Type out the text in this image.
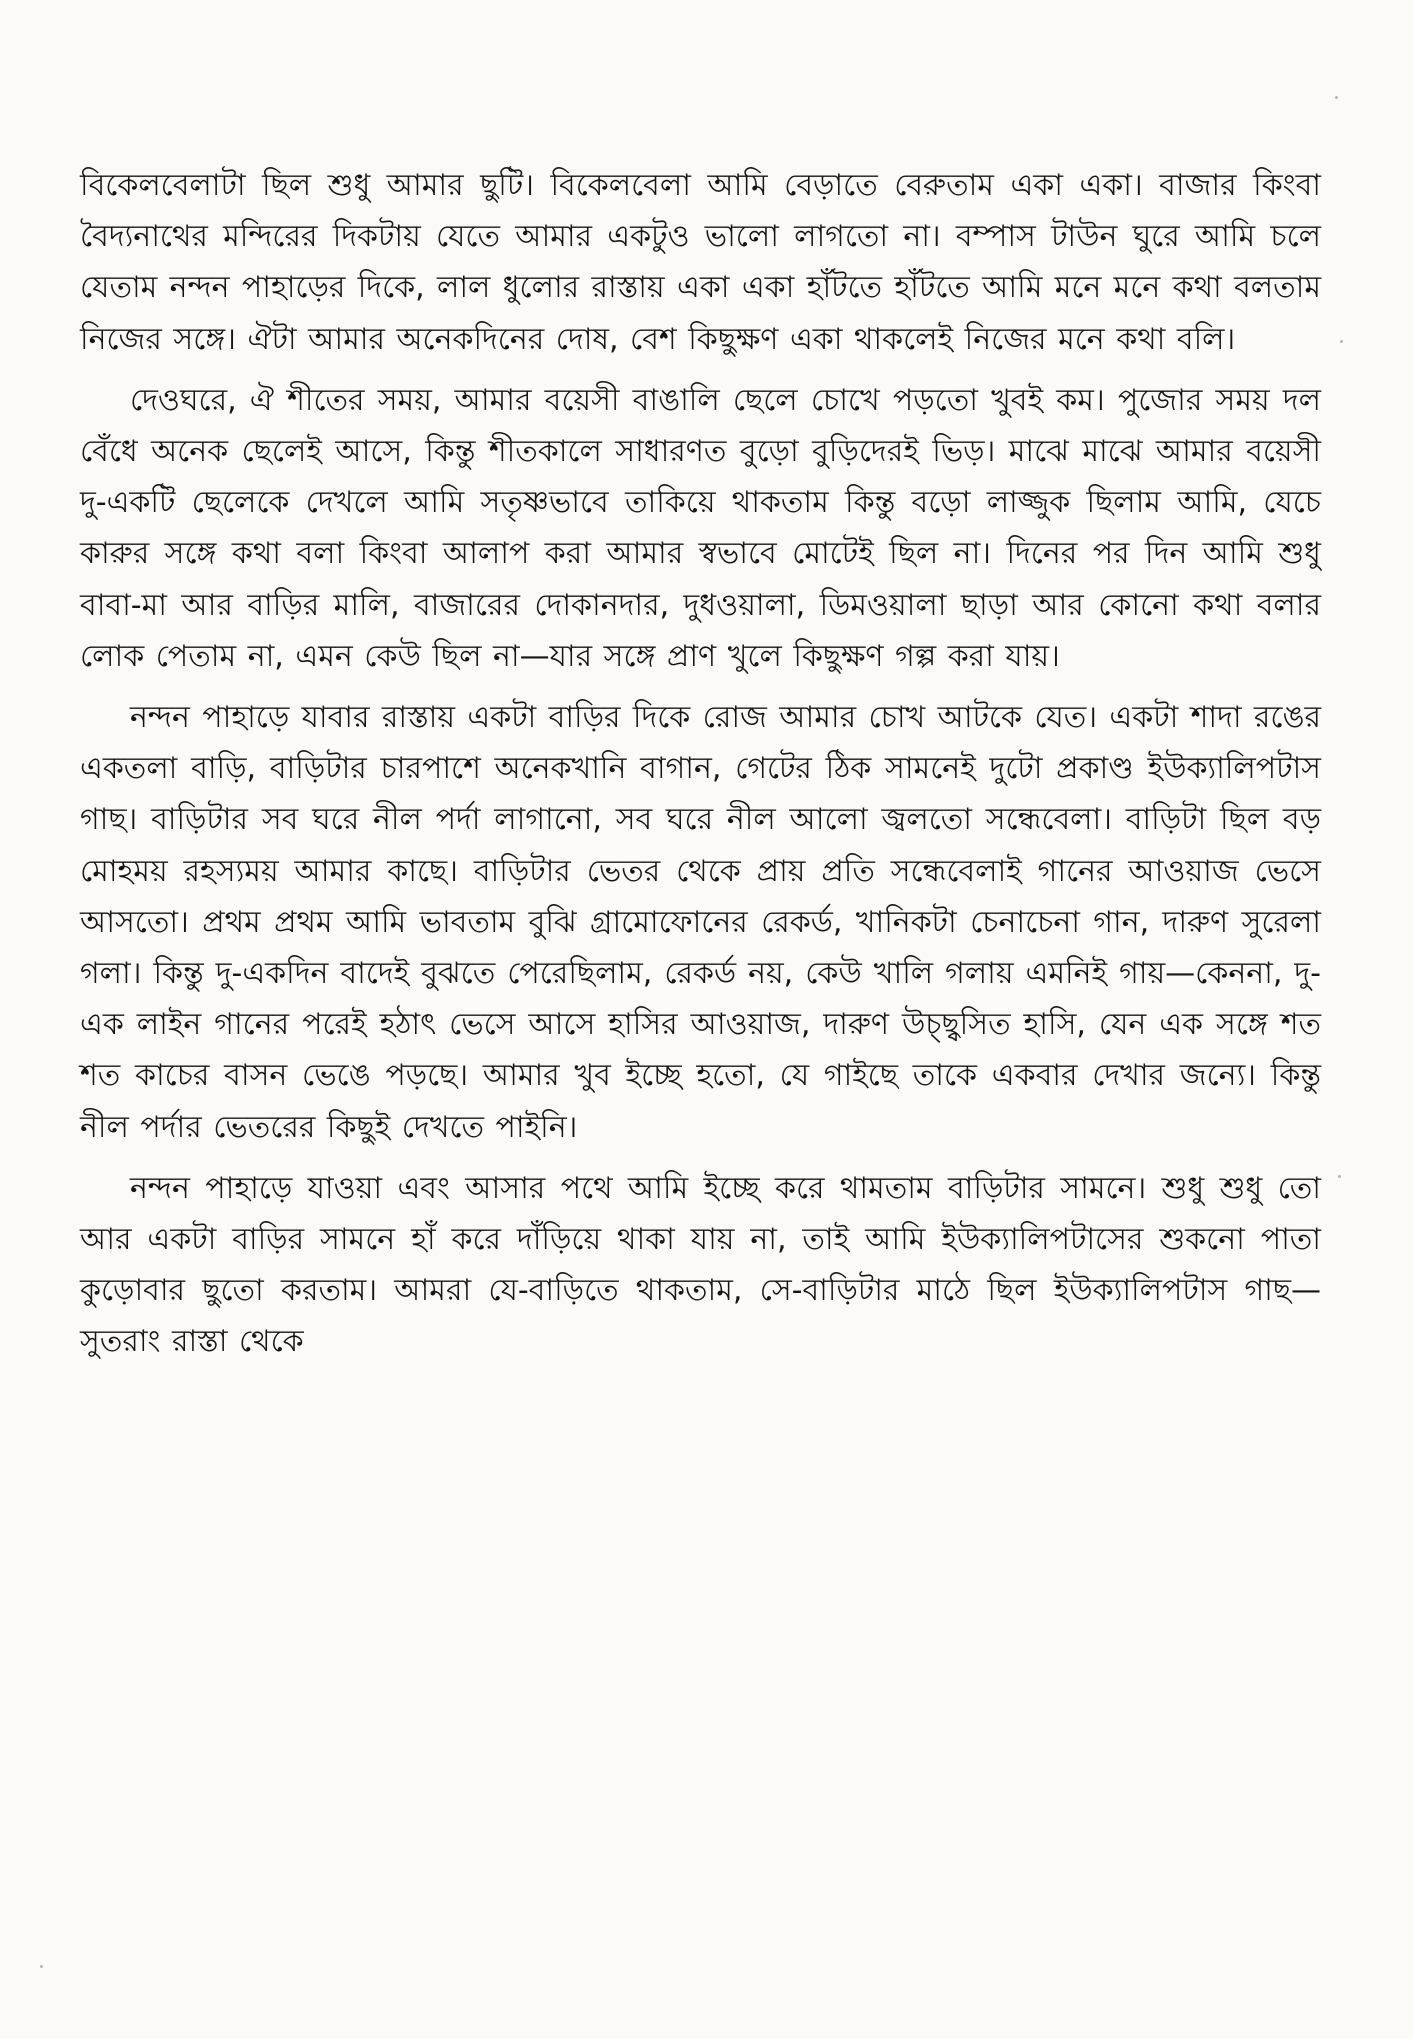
বিকেলবেলাটা ছিল শুধু আমার ছুটি। বিকেলবেলা আমি বেড়াতে বেরুতাম একা একা। বাজার কিংবা বৈদ্যনাথের মন্দিরের দিকটায় যেতে আমার একটুও ভালো লাগতো না। বম্পাস টাউন ঘুরে আমি চলে যেতাম নন্দন পাহাড়ের দিকে, লাল ধুলোর রাস্তায় একা একা হাঁটতে হাঁটতে আমি মনে মনে কথা বলতাম নিজের সঙ্গে। ঐটা আমার অনেকদিনের দোষ, বেশ কিছুক্ষণ একা থাকলেই নিজের মনে কথা বলি।

দেওঘরে, ঐ শীতের সময়, আমার বয়েসী বাঙালি ছেলে চোখে পড়তো খুবই কম। পুজোর সময় দল বেঁধে অনেক ছেলেই আসে, কিন্তু শীতকালে সাধারণত বুড়ো বুড়িদেরই ভিড়। মাঝে মাঝে আমার বয়েসী দু-একটি ছেলেকে দেখলে আমি সতৃষ্ণভাবে তাকিয়ে থাকতাম কিন্তু বড়ো লাজ্জুক ছিলাম আমি, যেচে কারুর সঙ্গে কথা বলা কিংবা আলাপ করা আমার স্বভাবে মোটেই ছিল না। দিনের পর দিন আমি শুধু বাবা-মা আর বাড়ির মালি, বাজারের দোকানদার, দুধওয়ালা, ডিমওয়ালা ছাড়া আর কোনো কথা বলার লোক পেতাম না, এমন কেউ ছিল না—যার সঙ্গে প্রাণ খুলে কিছুক্ষণ গল্প করা যায়।

নন্দন পাহাড়ে যাবার রাস্তায় একটা বাড়ির দিকে রোজ আমার চোখ আটকে যেত। একটা শাদা রঙের একতলা বাড়ি, বাড়িটার চারপাশে অনেকখানি বাগান, গেটের ঠিক সামনেই দুটো প্রকাণ্ড ইউক্যালিপটাস গাছ। বাড়িটার সব ঘরে নীল পর্দা লাগানো, সব ঘরে নীল আলো জ্বলতো সন্ধেবেলা। বাড়িটা ছিল বড় মোহময় রহস্যময় আমার কাছে। বাড়িটার ভেতর থেকে প্রায় প্রতি সন্ধেবেলাই গানের আওয়াজ ভেসে আসতো। প্রথম প্রথম আমি ভাবতাম বুঝি গ্রামোফোনের রেকর্ড, খানিকটা চেনাচেনা গান, দারুণ সুরেলা গলা। কিন্তু দু-একদিন বাদেই বুঝতে পেরেছিলাম, রেকর্ড নয়, কেউ খালি গলায় এমনিই গায়—কেননা, দু-এক লাইন গানের পরেই হঠাৎ ভেসে আসে হাসির আওয়াজ, দারুণ উচ্ছ্বসিত হাসি, যেন এক সঙ্গে শত শত কাচের বাসন ভেঙে পড়ছে। আমার খুব ইচ্ছে হতো, যে গাইছে তাকে একবার দেখার জন্যে। কিন্তু নীল পর্দার ভেতরের কিছুই দেখতে পাইনি।

নন্দন পাহাড়ে যাওয়া এবং আসার পথে আমি ইচ্ছে করে থামতাম বাড়িটার সামনে। শুধু শুধু তো আর একটা বাড়ির সামনে হাঁ করে দাঁড়িয়ে থাকা যায় না, তাই আমি ইউক্যালিপটাসের শুকনো পাতা কুড়োবার ছুতো করতাম। আমরা যে-বাড়িতে থাকতাম, সে-বাড়িটার মাঠে ছিল ইউক্যালিপটাস গাছ—সুতরাং রাস্তা থেকে
